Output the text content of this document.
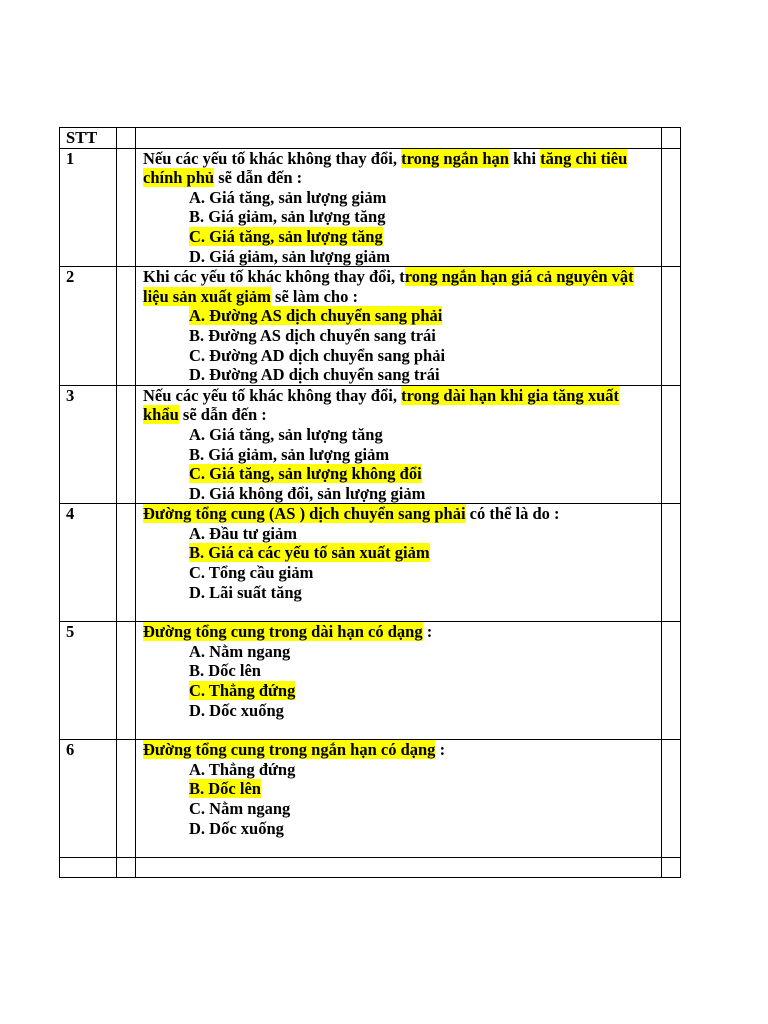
STT			
1		Nếu các yếu tố khác không thay đổi, trong ngắn hạn khi tăng chi tiêu chính phủ sẽ dẫn đến :
A. Giá tăng, sản lượng giảm
B. Giá giảm, sản lượng tăng
C. Giá tăng, sản lượng tăng
D. Giá giảm, sản lượng giảm	

2		Khi các yếu tố khác không thay đổi, trong ngắn hạn giá cả nguyên vật liệu sản xuất giảm sẽ làm cho :
A. Đường AS dịch chuyển sang phải
B. Đường AS dịch chuyển sang trái
C. Đường AD dịch chuyển sang phải
D. Đường AD dịch chuyển sang trái	

3		Nếu các yếu tố khác không thay đổi, trong dài hạn khi gia tăng xuất khẩu sẽ dẫn đến :
A. Giá tăng, sản lượng tăng
B. Giá giảm, sản lượng giảm
C. Giá tăng, sản lượng không đổi
D. Giá không đổi, sản lượng giảm	

4		Đường tổng cung (AS ) dịch chuyển sang phải có thể là do :
A. Đầu tư giảm
B. Giá cả các yếu tố sản xuất giảm
C. Tổng cầu giảm
D. Lãi suất tăng	

5		Đường tổng cung trong dài hạn có dạng :
A. Nằm ngang
B. Dốc lên
C. Thẳng đứng
D. Dốc xuống	

6		Đường tổng cung trong ngắn hạn có dạng :
A. Thẳng đứng
B. Dốc lên
C. Nằm ngang
D. Dốc xuống	
